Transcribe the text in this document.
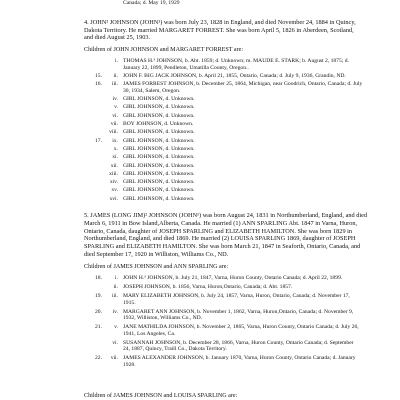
Canada; d. May 19, 1929
4. JOHN² JOHNSON (JOHN¹) was born July 23, 1828 in England, and died November 24, 1884 in Quincy,
Dakota Territory. He married MARGARET FORREST. She was born April 5, 1826 in Aberdeen, Scotland,
and died August 25, 1903.
Children of JOHN JOHNSON and MARGARET FORREST are:
i. THOMAS H.³ JOHNSON, b. Abt. 1859; d. Unknown; m. MAUDE E. STARK; b. August 2, 1875; d.
January 22, 1899, Pendleton, Umatilla County, Oregon..
15.	ii. JOHN F. BIG JACK JOHNSON, b. April 21, 1855, Ontario, Canada; d. July 9, 1936, Grandin, ND.
16.	iii. JAMES FORREST JOHNSON, b. December 25, 1864, Michigan, near Goodrich, Ontario, Canada; d. July
30, 1934, Salem, Oregon.
iv. GIRL JOHNSON, d. Unknown.
v. GIRL JOHNSON, d. Unknown.
vi. GIRL JOHNSON, d. Unknown.
vii. BOY JOHNSON, d. Unknown.
viii. GIRL JOHNSON, d. Unknown.
17.	ix. GIRL JOHNSON, d. Unknown.
x. GIRL JOHNSON, d. Unknown.
xi. GIRL JOHNSON, d. Unknown.
xii. GIRL JOHNSON, d. Unknown.
xiii. GIRL JOHNSON, d. Unknown.
xiv. GIRL JOHNSON, d. Unknown.
xv. GIRL JOHNSON, d. Unknown.
xvi. GIRL JOHNSON, d. Unknown.
5. JAMES (LONG JIM)² JOHNSON (JOHN¹) was born August 24, 1831 in Northumberland, England, and died
March 6, 1911 in Bow Island,Alberta, Canada. He married (1) ANN SPARLING Abt. 1847 in Varna, Huron,
Ontario, Canada, daughter of JOSEPH SPARLING and ELIZABETH HAMILTON. She was born 1829 in
Northumberland, England, and died 1869. He married (2) LOUISA SPARLING 1869, daughter of JOSEPH
SPARLING and ELIZABETH HAMILTON. She was born March 21, 1847 in Seaforth, Ontario, Canada, and
died September 17, 1920 in Williston, Williams Co., ND.
Children of JAMES JOHNSON and ANN SPARLING are:
18.	i. JOHN H.³ JOHNSON, b. July 21, 1847, Varna, Huron County, Ontario Canada; d. April 22, 1899.
ii. JOSEPH JOHNSON, b. 1856, Varna, Huron,Ontario, Canada; d. Abt. 1857.
19.	iii. MARY ELIZABETH JOHNSON, b. July 24, 1857, Varna, Huron, Ontario, Canada; d. November 17,
1915.
20.	iv. MARGARET ANN JOHNSON, b. November 1, 1862, Varna, Huron,Ontario, Canada; d. November 9,
1932, Williston, Williams Co., ND.
21.	v. JANE MATHILDA JOHNSON, b. November 2, 1865, Varna, Huron County, Ontario Canada; d. July 26,
1941, Los Angeles, Ca.
vi. SUSANNAH JOHNSON, b. December 28, 1866, Varna, Huron County, Ontario Canada; d. September
24, 1887, Quincy, Traill Co., Dakota Territory.
22.	vii. JAMES ALEXANDER JOHNSON, b. January 1870, Varna, Huron County, Ontario Canada; d. January
1928.
Children of JAMES JOHNSON and LOUISA SPARLING are:
